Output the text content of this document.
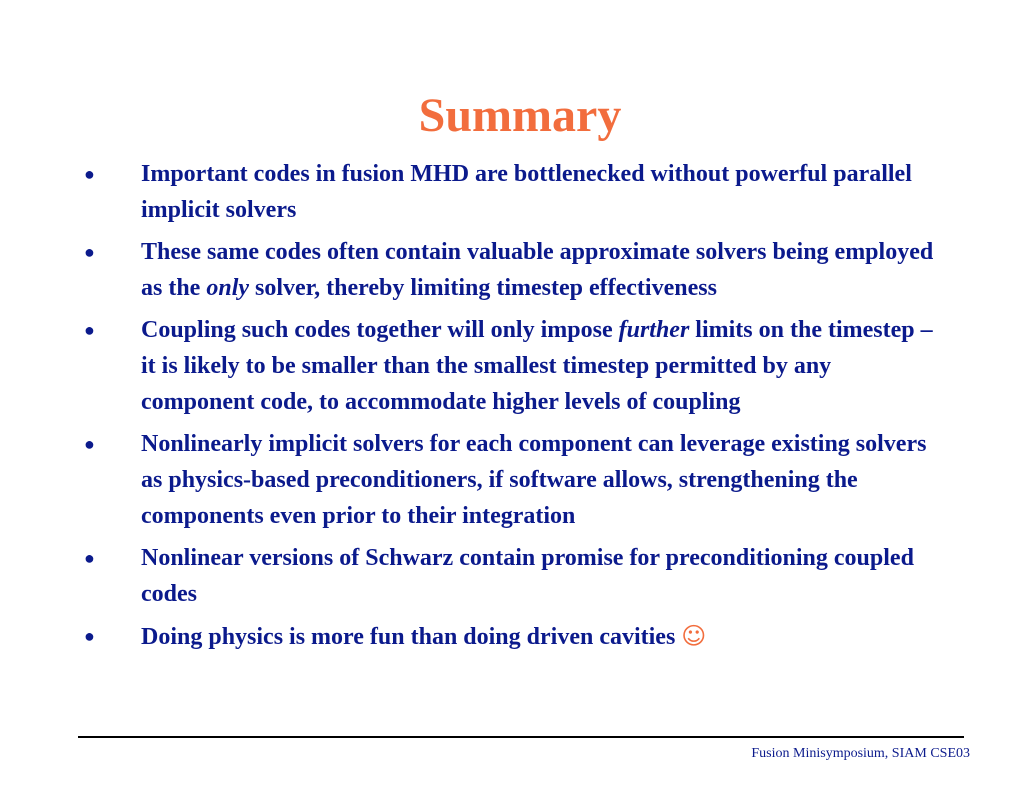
Summary
● Important codes in fusion MHD are bottlenecked without powerful parallel implicit solvers
● These same codes often contain valuable approximate solvers being employed as the only solver, thereby limiting timestep effectiveness
● Coupling such codes together will only impose further limits on the timestep – it is likely to be smaller than the smallest timestep permitted by any component code, to accommodate higher levels of coupling
● Nonlinearly implicit solvers for each component can leverage existing solvers as physics-based preconditioners, if software allows, strengthening the components even prior to their integration
● Nonlinear versions of Schwarz contain promise for preconditioning coupled codes
● Doing physics is more fun than doing driven cavities ☺
Fusion Minisymposium, SIAM CSE03
